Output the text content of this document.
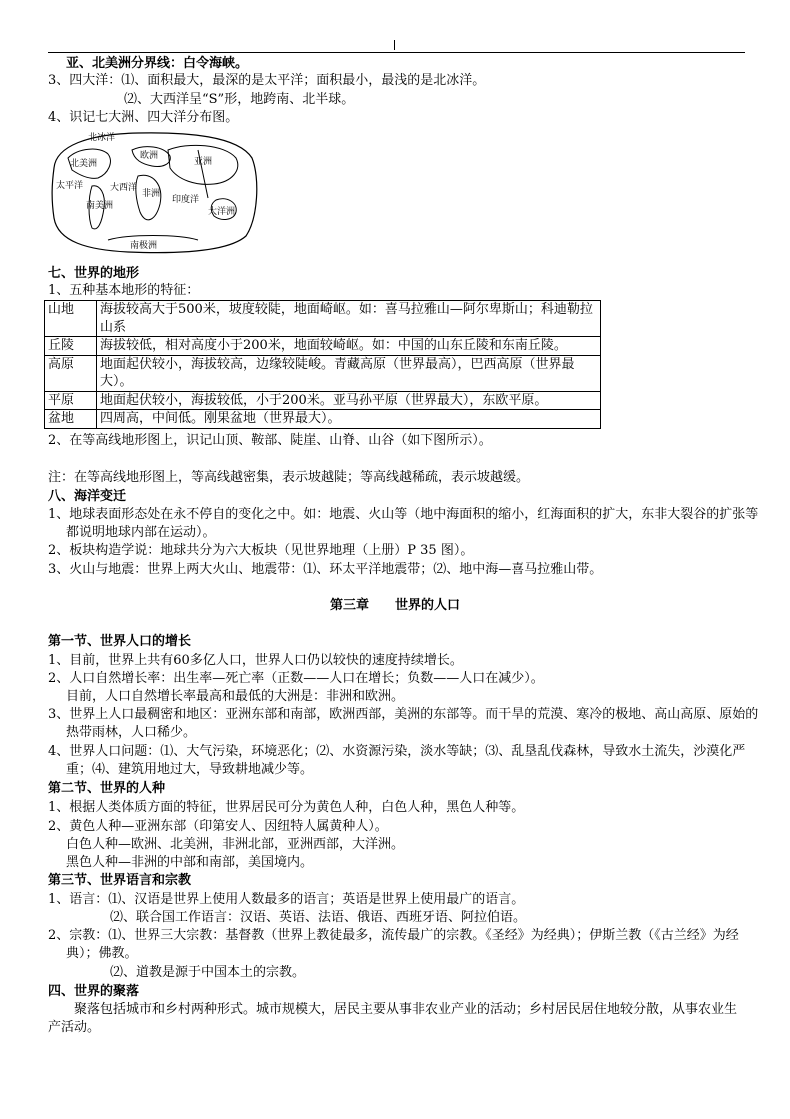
亚、北美洲分界线：白令海峡。
3、四大洋：⑴、面积最大，最深的是太平洋；面积最小，最浅的是北冰洋。
⑵、大西洋呈“S”形，地跨南、北半球。
4、识记七大洲、四大洋分布图。
北冰洋
亚洲
欧洲
非洲
大洋洲
北美洲
南美洲
太平洋	大西洋
印度洋
南极洲
七、世界的地形
1、五种基本地形的特征：
山地	海拔较高大于500米，坡度较陡，地面崎岖。如：喜马拉雅山—阿尔卑斯山；科迪勒拉山系
丘陵	海拔较低，相对高度小于200米，地面较崎岖。如：中国的山东丘陵和东南丘陵。
高原	地面起伏较小，海拔较高，边缘较陡峻。青藏高原（世界最高），巴西高原（世界最大）。
平原	地面起伏较小，海拔较低，小于200米。亚马孙平原（世界最大），东欧平原。
盆地	四周高，中间低。刚果盆地（世界最大）。
2、在等高线地形图上，识记山顶、鞍部、陡崖、山脊、山谷（如下图所示）。
注：在等高线地形图上，等高线越密集，表示坡越陡；等高线越稀疏，表示坡越缓。
八、海洋变迁
1、地球表面形态处在永不停自的变化之中。如：地震、火山等（地中海面积的缩小，红海面积的扩大，东非大裂谷的扩张等都说明地球内部在运动）。
2、板块构造学说：地球共分为六大板块（见世界地理（上册）P 35 图）。
3、火山与地震：世界上两大火山、地震带：⑴、环太平洋地震带；⑵、地中海—喜马拉雅山带。
第三章　　世界的人口
第一节、世界人口的增长
1、目前，世界上共有60多亿人口，世界人口仍以较快的速度持续增长。
2、人口自然增长率：出生率—死亡率（正数——人口在增长；负数——人口在减少）。
目前，人口自然增长率最高和最低的大洲是：非洲和欧洲。
3、世界上人口最稠密和地区：亚洲东部和南部，欧洲西部，美洲的东部等。而干旱的荒漠、寒冷的极地、高山高原、原始的热带雨林，人口稀少。
4、世界人口问题：⑴、大气污染，环境恶化；⑵、水资源污染，淡水等缺；⑶、乱垦乱伐森林，导致水土流失，沙漠化严重；⑷、建筑用地过大，导致耕地减少等。
第二节、世界的人种
1、根据人类体质方面的特征，世界居民可分为黄色人种，白色人种，黑色人种等。
2、黄色人种—亚洲东部（印第安人、因纽特人属黄种人）。
白色人种—欧洲、北美洲，非洲北部，亚洲西部，大洋洲。
黑色人种—非洲的中部和南部，美国境内。
第三节、世界语言和宗教
1、语言：⑴、汉语是世界上使用人数最多的语言；英语是世界上使用最广的语言。
⑵、联合国工作语言：汉语、英语、法语、俄语、西班牙语、阿拉伯语。
2、宗教：⑴、世界三大宗教：基督教（世界上教徒最多，流传最广的宗教。《圣经》为经典）；伊斯兰教（《古兰经》为经典）；佛教。
⑵、道教是源于中国本土的宗教。
四、世界的聚落
聚落包括城市和乡村两种形式。城市规模大，居民主要从事非农业产业的活动；乡村居民居住地较分散，从事农业生产活动。
